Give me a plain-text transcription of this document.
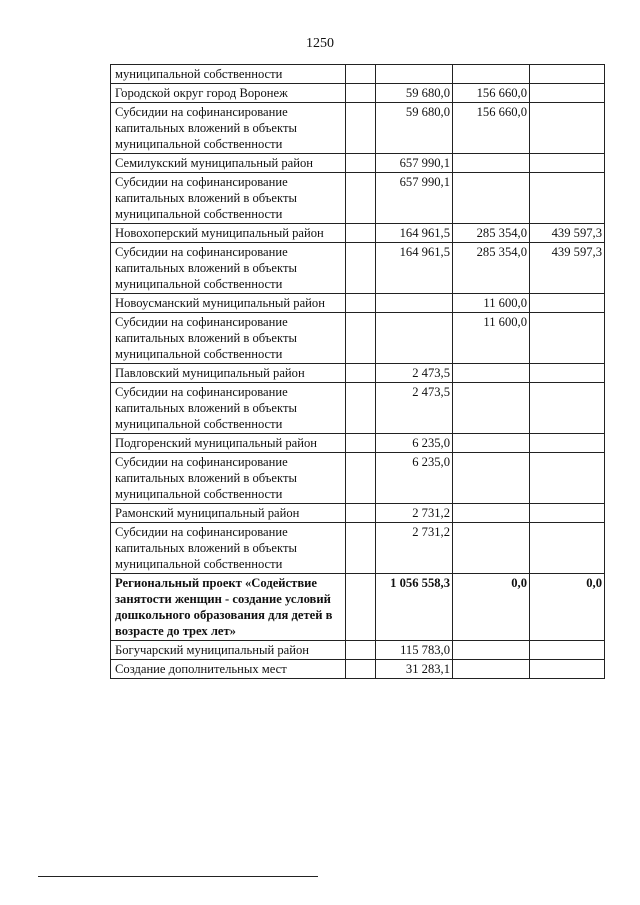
1250
муниципальной собственности				
Городской округ город Воронеж		59 680,0	156 660,0	
Субсидии на софинансирование капитальных вложений в объекты муниципальной собственности		59 680,0	156 660,0	
Семилукский муниципальный район		657 990,1		
Субсидии на софинансирование капитальных вложений в объекты муниципальной собственности		657 990,1		
Новохоперский муниципальный район		164 961,5	285 354,0	439 597,3
Субсидии на софинансирование капитальных вложений в объекты муниципальной собственности		164 961,5	285 354,0	439 597,3
Новоусманский муниципальный район			11 600,0	
Субсидии на софинансирование капитальных вложений в объекты муниципальной собственности			11 600,0	
Павловский муниципальный район		2 473,5		
Субсидии на софинансирование капитальных вложений в объекты муниципальной собственности		2 473,5		
Подгоренский муниципальный район		6 235,0		
Субсидии на софинансирование капитальных вложений в объекты муниципальной собственности		6 235,0		
Рамонский муниципальный район		2 731,2		
Субсидии на софинансирование капитальных вложений в объекты муниципальной собственности		2 731,2		
Региональный проект «Содействие занятости женщин - создание условий дошкольного образования для детей в возрасте до трех лет»		1 056 558,3	0,0	0,0
Богучарский муниципальный район		115 783,0		
Создание дополнительных мест		31 283,1		
